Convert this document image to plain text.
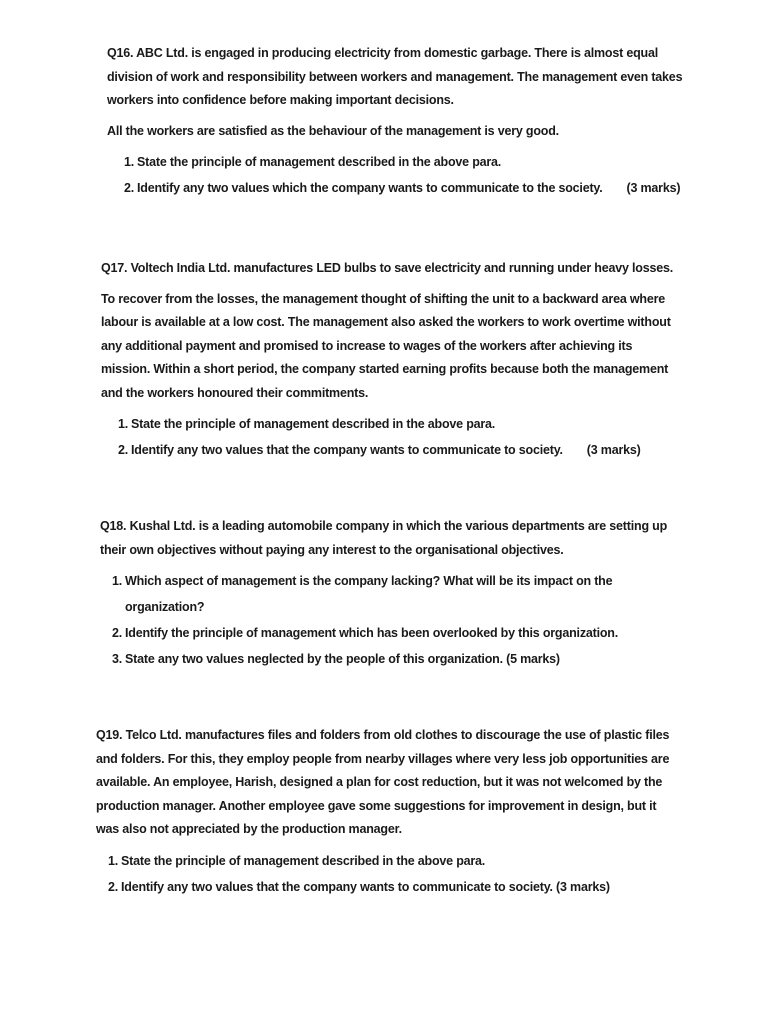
Q16. ABC Ltd. is engaged in producing electricity from domestic garbage. There is almost equal division of work and responsibility between workers and management. The management even takes workers into confidence before making important decisions.

All the workers are satisfied as the behaviour of the management is very good.

1. State the principle of management described in the above para.
2. Identify any two values which the company wants to communicate to the society. (3 marks)

Q17. Voltech India Ltd. manufactures LED bulbs to save electricity and running under heavy losses.

To recover from the losses, the management thought of shifting the unit to a backward area where labour is available at a low cost. The management also asked the workers to work overtime without any additional payment and promised to increase to wages of the workers after achieving its mission. Within a short period, the company started earning profits because both the management and the workers honoured their commitments.

1. State the principle of management described in the above para.
2. Identify any two values that the company wants to communicate to society. (3 marks)

Q18. Kushal Ltd. is a leading automobile company in which the various departments are setting up their own objectives without paying any interest to the organisational objectives.

1. Which aspect of management is the company lacking? What will be its impact on the organization?
2. Identify the principle of management which has been overlooked by this organization.
3. State any two values neglected by the people of this organization. (5 marks)

Q19. Telco Ltd. manufactures files and folders from old clothes to discourage the use of plastic files and folders. For this, they employ people from nearby villages where very less job opportunities are available. An employee, Harish, designed a plan for cost reduction, but it was not welcomed by the production manager. Another employee gave some suggestions for improvement in design, but it was also not appreciated by the production manager.

1. State the principle of management described in the above para.
2. Identify any two values that the company wants to communicate to society. (3 marks)
